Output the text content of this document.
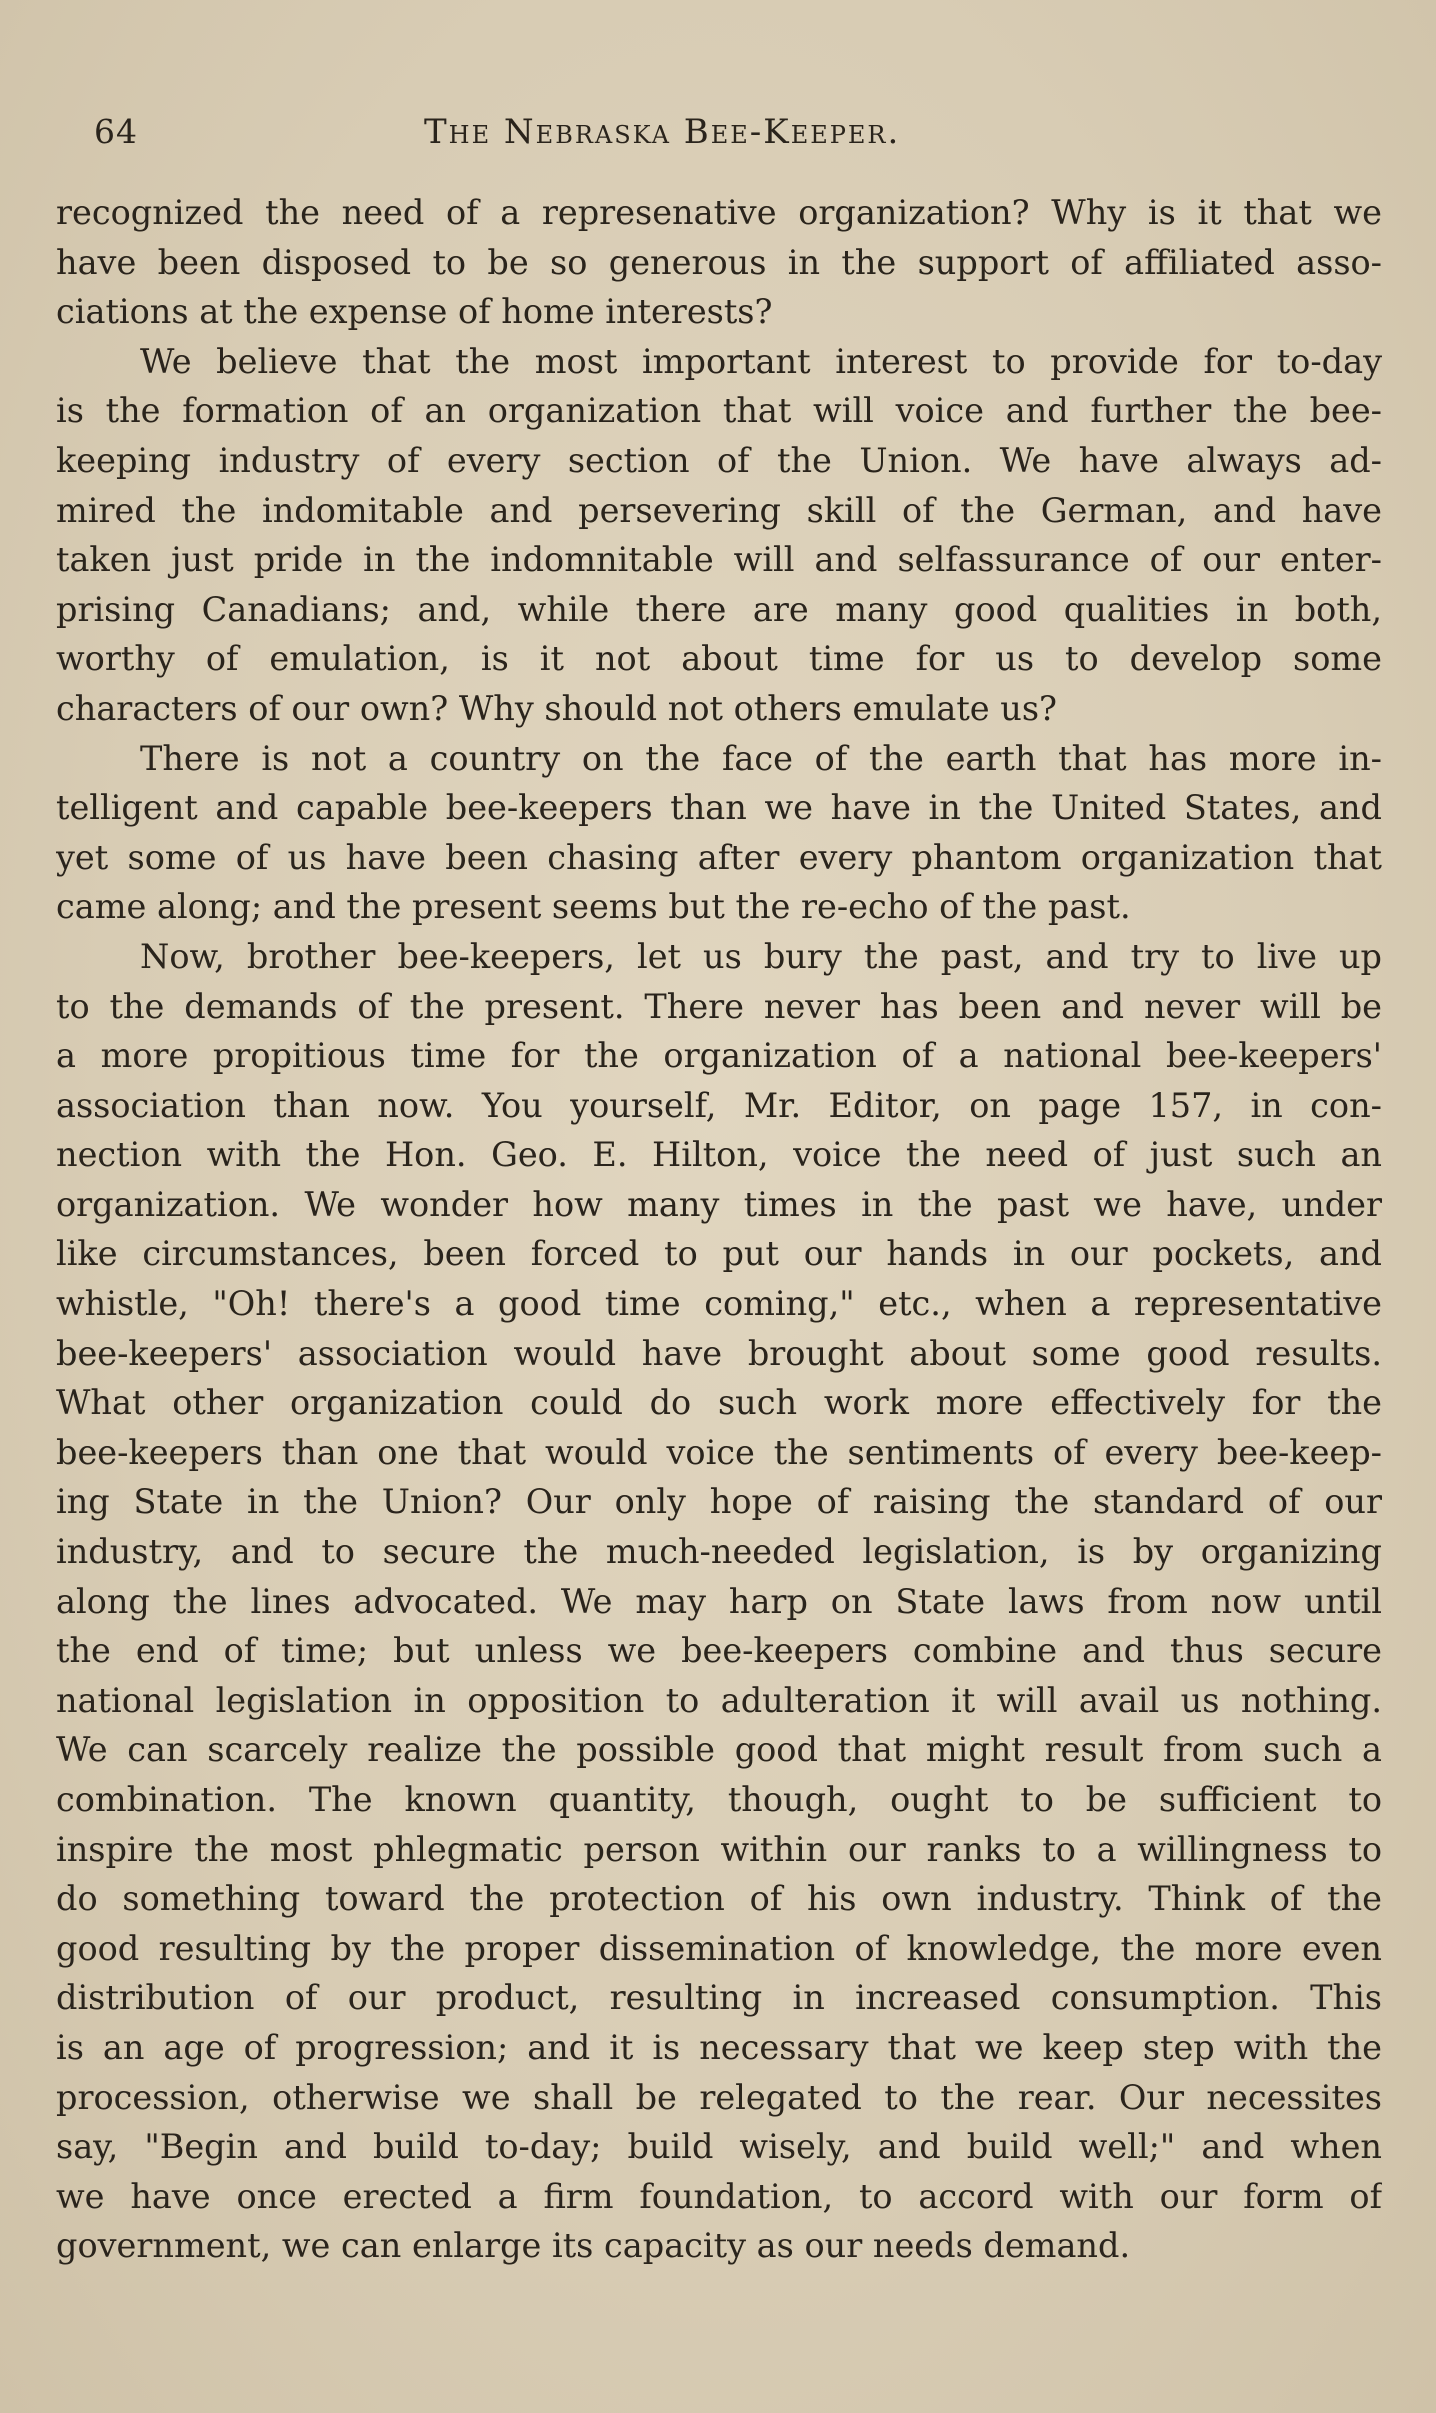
64	The Nebraska Bee-Keeper.
recognized the need of a represenative organization? Why is it that we
have been disposed to be so generous in the support of affiliated asso-
ciations at the expense of home interests?
We believe that the most important interest to provide for to-day
is the formation of an organization that will voice and further the bee-
keeping industry of every section of the Union. We have always ad-
mired the indomitable and persevering skill of the German, and have
taken just pride in the indomnitable will and selfassurance of our enter-
prising Canadians; and, while there are many good qualities in both,
worthy of emulation, is it not about time for us to develop some
characters of our own? Why should not others emulate us?
There is not a country on the face of the earth that has more in-
telligent and capable bee-keepers than we have in the United States, and
yet some of us have been chasing after every phantom organization that
came along; and the present seems but the re-echo of the past.
Now, brother bee-keepers, let us bury the past, and try to live up
to the demands of the present. There never has been and never will be
a more propitious time for the organization of a national bee-keepers'
association than now. You yourself, Mr. Editor, on page 157, in con-
nection with the Hon. Geo. E. Hilton, voice the need of just such an
organization. We wonder how many times in the past we have, under
like circumstances, been forced to put our hands in our pockets, and
whistle, "Oh! there's a good time coming," etc., when a representative
bee-keepers' association would have brought about some good results.
What other organization could do such work more effectively for the
bee-keepers than one that would voice the sentiments of every bee-keep-
ing State in the Union? Our only hope of raising the standard of our
industry, and to secure the much-needed legislation, is by organizing
along the lines advocated. We may harp on State laws from now until
the end of time; but unless we bee-keepers combine and thus secure
national legislation in opposition to adulteration it will avail us nothing.
We can scarcely realize the possible good that might result from such a
combination. The known quantity, though, ought to be sufficient to
inspire the most phlegmatic person within our ranks to a willingness to
do something toward the protection of his own industry. Think of the
good resulting by the proper dissemination of knowledge, the more even
distribution of our product, resulting in increased consumption. This
is an age of progression; and it is necessary that we keep step with the
procession, otherwise we shall be relegated to the rear. Our necessites
say, "Begin and build to-day; build wisely, and build well;" and when
we have once erected a firm foundation, to accord with our form of
government, we can enlarge its capacity as our needs demand.
